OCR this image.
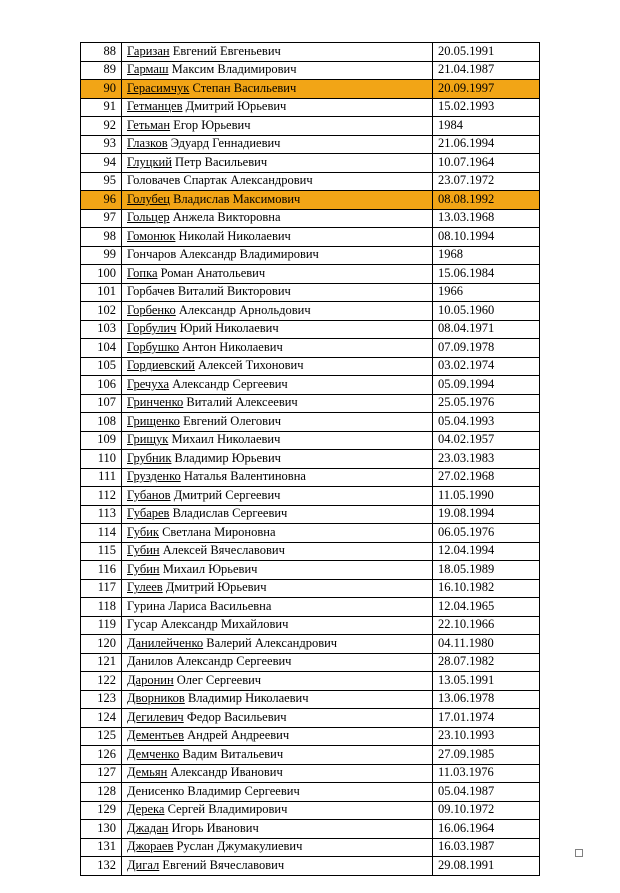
88	Гаризан Евгений Евгеньевич	20.05.1991
89	Гармаш Максим Владимирович	21.04.1987
90	Герасимчук Степан Васильевич	20.09.1997
91	Гетманцев Дмитрий Юрьевич	15.02.1993
92	Гетьман Егор Юрьевич	1984
93	Глазков Эдуард Геннадиевич	21.06.1994
94	Глуцкий Петр Васильевич	10.07.1964
95	Головачев Спартак Александрович	23.07.1972
96	Голубец Владислав Максимович	08.08.1992
97	Гольцер Анжела Викторовна	13.03.1968
98	Гомонюк Николай Николаевич	08.10.1994
99	Гончаров Александр Владимирович	1968
100	Гопка Роман Анатольевич	15.06.1984
101	Горбачев Виталий Викторович	1966
102	Горбенко Александр Арнольдович	10.05.1960
103	Горбулич Юрий Николаевич	08.04.1971
104	Горбушко Антон Николаевич	07.09.1978
105	Гордиевский Алексей Тихонович	03.02.1974
106	Гречуха Александр Сергеевич	05.09.1994
107	Гринченко Виталий Алексеевич	25.05.1976
108	Грищенко Евгений Олегович	05.04.1993
109	Грищук Михаил Николаевич	04.02.1957
110	Грубник Владимир Юрьевич	23.03.1983
111	Грузденко Наталья Валентиновна	27.02.1968
112	Губанов Дмитрий Сергеевич	11.05.1990
113	Губарев Владислав Сергеевич	19.08.1994
114	Губик Светлана Мироновна	06.05.1976
115	Губин Алексей Вячеславович	12.04.1994
116	Губин Михаил Юрьевич	18.05.1989
117	Гулеев Дмитрий Юрьевич	16.10.1982
118	Гурина Лариса Васильевна	12.04.1965
119	Гусар Александр Михайлович	22.10.1966
120	Данилейченко Валерий Александрович	04.11.1980
121	Данилов Александр Сергеевич	28.07.1982
122	Даронин Олег Сергеевич	13.05.1991
123	Дворников Владимир Николаевич	13.06.1978
124	Дегилевич Федор Васильевич	17.01.1974
125	Дементьев Андрей Андреевич	23.10.1993
126	Демченко Вадим Витальевич	27.09.1985
127	Демьян Александр Иванович	11.03.1976
128	Денисенко Владимир Сергеевич	05.04.1987
129	Дерека Сергей Владимирович	09.10.1972
130	Джадан Игорь Иванович	16.06.1964
131	Джораев Руслан Джумакулиевич	16.03.1987
132	Дигал Евгений Вячеславович	29.08.1991
